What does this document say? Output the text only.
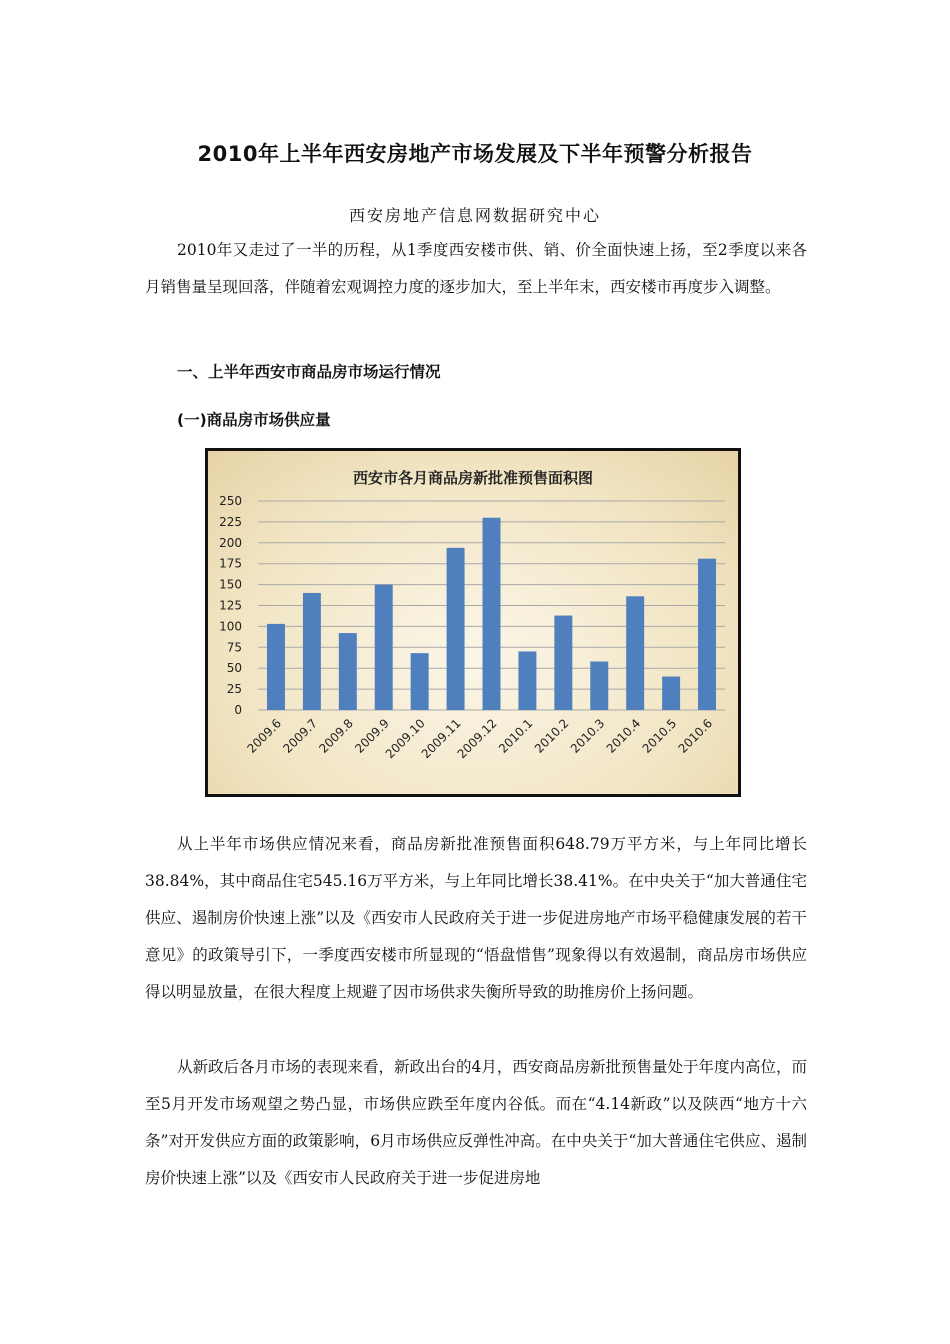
2010年上半年西安房地产市场发展及下半年预警分析报告
西安房地产信息网数据研究中心

2010年又走过了一半的历程，从1季度西安楼市供、销、价全面快速上扬，至2季度以来各月销售量呈现回落，伴随着宏观调控力度的逐步加大，至上半年末，西安楼市再度步入调整。

一、上半年西安市商品房市场运行情况
(一)商品房市场供应量
西安市各月商品房新批准预售面积图
0
25
50
75
100
125
150
175
200
225
250
2009.6
2009.7
2009.8
2009.9
2009.10
2009.11
2009.12
2010.1
2010.2
2010.3
2010.4
2010.5
2010.6

从上半年市场供应情况来看，商品房新批准预售面积648.79万平方米，与上年同比增长38.84%，其中商品住宅545.16万平方米，与上年同比增长38.41%。在中央关于“加大普通住宅供应、遏制房价快速上涨”以及《西安市人民政府关于进一步促进房地产市场平稳健康发展的若干意见》的政策导引下，一季度西安楼市所显现的“悟盘惜售”现象得以有效遏制，商品房市场供应得以明显放量，在很大程度上规避了因市场供求失衡所导致的助推房价上扬问题。

从新政后各月市场的表现来看，新政出台的4月，西安商品房新批预售量处于年度内高位，而至5月开发市场观望之势凸显，市场供应跌至年度内谷低。而在“4.14新政”以及陕西“地方十六条”对开发供应方面的政策影响，6月市场供应反弹性冲高。在中央关于“加大普通住宅供应、遏制房价快速上涨”以及《西安市人民政府关于进一步促进房地
